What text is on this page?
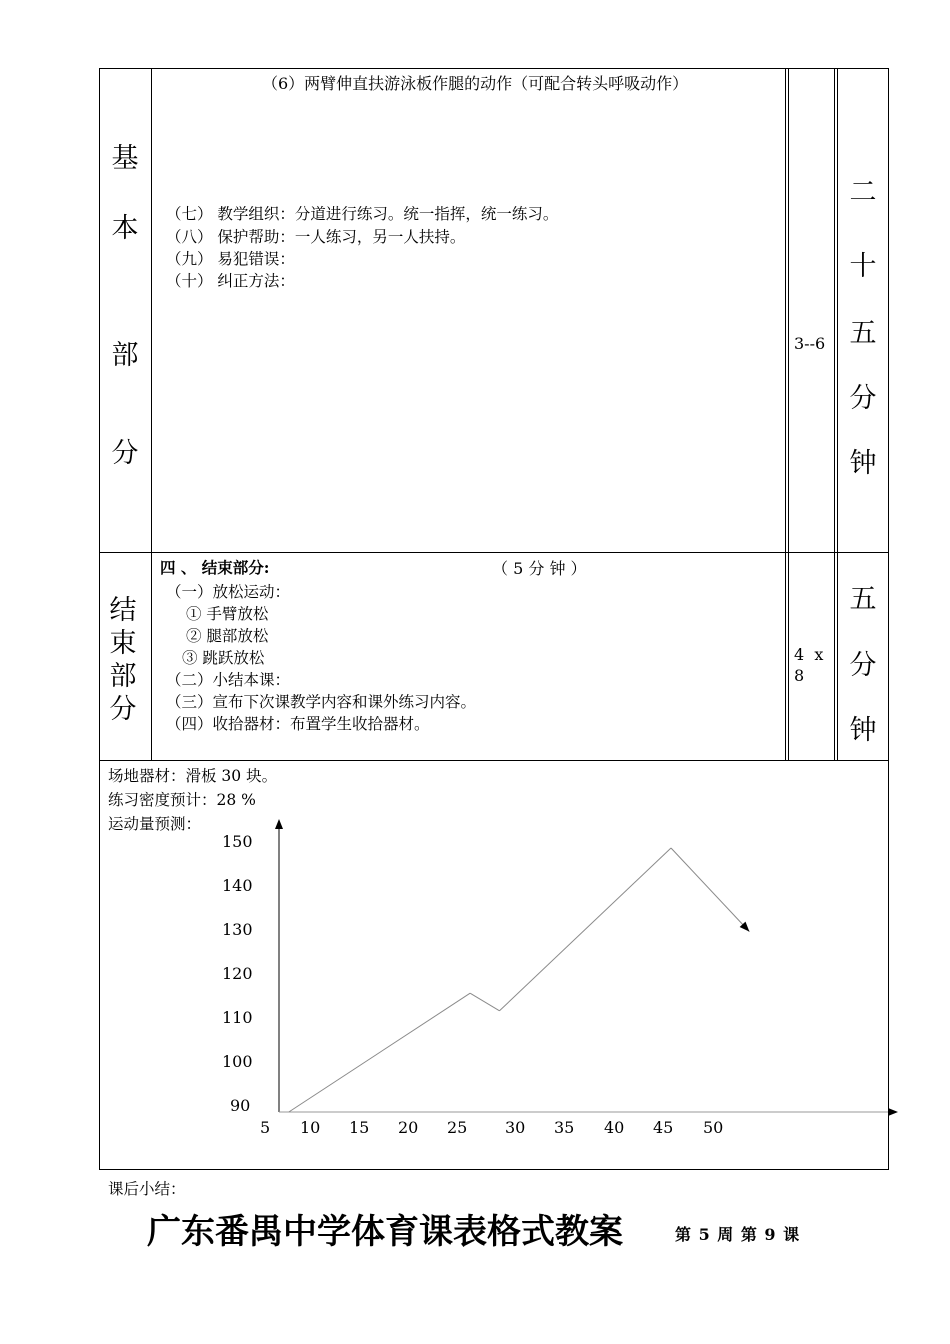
基
本
部
分
（6）两臂伸直扶游泳板作腿的动作（可配合转头呼吸动作）
（七） 教学组织：分道进行练习。统一指挥，统一练习。
（八） 保护帮助：一人练习，另一人扶持。
（九） 易犯错误：
（十） 纠正方法：
3--6
二
十
五
分
钟
结
束
部
分
四 、 结束部分:	（ 5 分 钟 ）
（一）放松运动：
① 手臂放松
② 腿部放松
③ 跳跃放松
（二）小结本课：
（三）宣布下次课教学内容和课外练习内容。
（四）收拾器材：布置学生收拾器材。
4  x
8
五
分
钟
场地器材：滑板 30 块。
练习密度预计：28 %
运动量预测：
150
140
130
120
110
100
90
5 10 15 20 25 30 35 40 45 50
课后小结：
广东番禺中学体育课表格式教案	第 5 周 第 9 课
